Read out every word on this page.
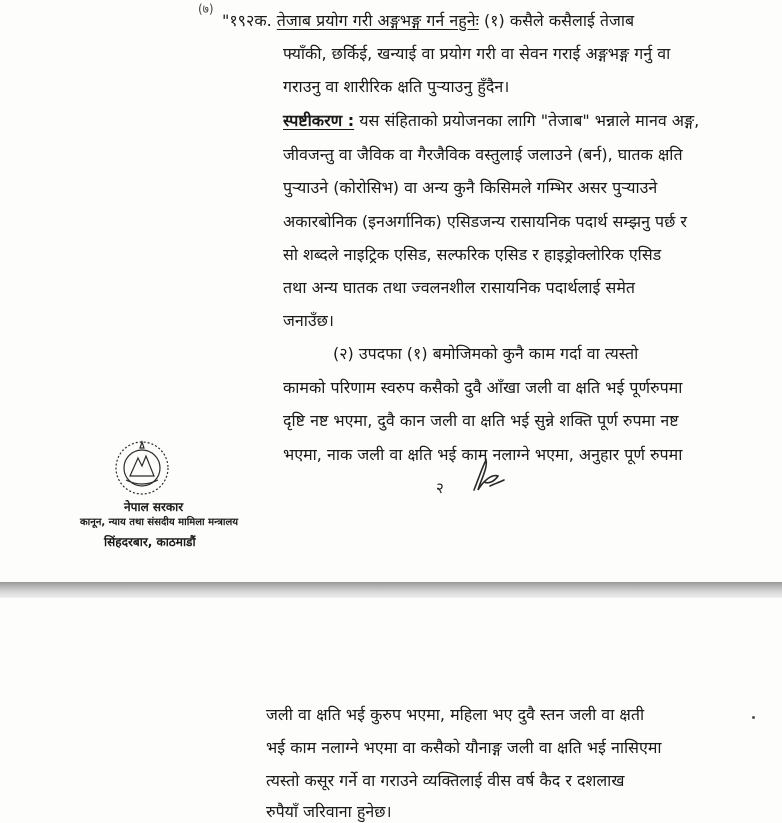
(७)
"१९२क. तेजाब प्रयोग गरी अङ्गभङ्ग गर्न नहुनेः (१) कसैले कसैलाई तेजाब
फ्याँकी, छर्किई, खन्याई वा प्रयोग गरी वा सेवन गराई अङ्गभङ्ग गर्नु वा
गराउनु वा शारीरिक क्षति पुऱ्याउनु हुँदैन।
स्पष्टीकरण : यस संहिताको प्रयोजनका लागि "तेजाब" भन्नाले मानव अङ्ग,
जीवजन्तु वा जैविक वा गैरजैविक वस्तुलाई जलाउने (बर्न), घातक क्षति
पुऱ्याउने (कोरोसिभ) वा अन्य कुनै किसिमले गम्भिर असर पुऱ्याउने
अकारबोनिक (इनअर्गानिक) एसिडजन्य रासायनिक पदार्थ सम्झनु पर्छ र
सो शब्दले नाइट्रिक एसिड, सल्फरिक एसिड र हाइड्रोक्लोरिक एसिड
तथा अन्य घातक तथा ज्वलनशील रासायनिक पदार्थलाई समेत
जनाउँछ।
(२) उपदफा (१) बमोजिमको कुनै काम गर्दा वा त्यस्तो
कामको परिणाम स्वरुप कसैको दुवै आँखा जली वा क्षति भई पूर्णरुपमा
दृष्टि नष्ट भएमा, दुवै कान जली वा क्षति भई सुन्ने शक्ति पूर्ण रुपमा नष्ट
भएमा, नाक जली वा क्षति भई काम नलाग्ने भएमा, अनुहार पूर्ण रुपमा
२
नेपाल सरकार
कानून, न्याय तथा संसदीय मामिला मन्त्रालय
सिंहदरबार, काठमाडौं
जली वा क्षति भई कुरुप भएमा, महिला भए दुवै स्तन जली वा क्षती
भई काम नलाग्ने भएमा वा कसैको यौनाङ्ग जली वा क्षति भई नासिएमा
त्यस्तो कसूर गर्ने वा गराउने व्यक्तिलाई वीस वर्ष कैद र दशलाख
रुपैयाँ जरिवाना हुनेछ।
